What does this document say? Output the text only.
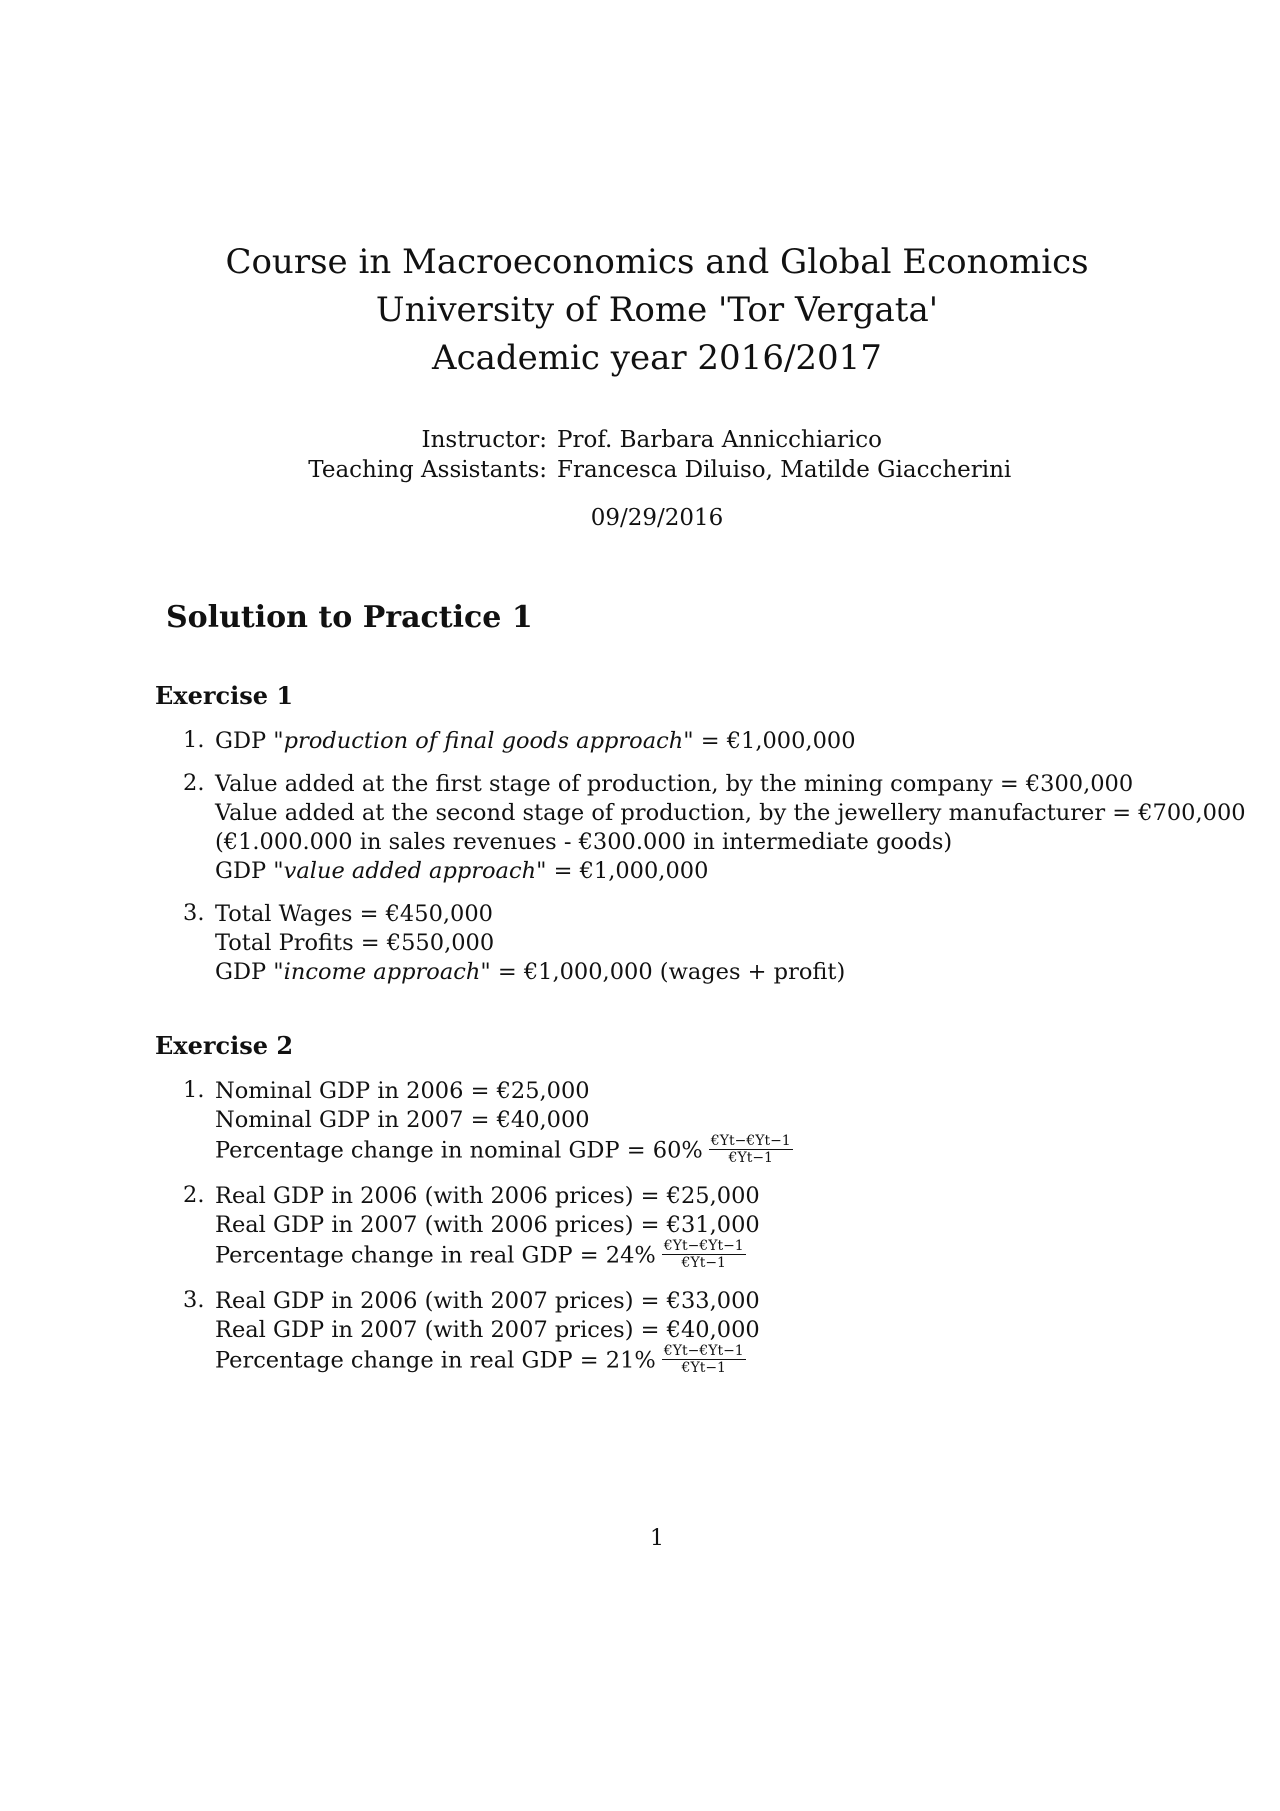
Course in Macroeconomics and Global Economics
University of Rome 'Tor Vergata'
Academic year 2016/2017
Instructor: Prof. Barbara Annicchiarico
Teaching Assistants: Francesca Diluiso, Matilde Giaccherini
09/29/2016
Solution to Practice 1
Exercise 1
1. GDP "production of final goods approach" = €1,000,000
2. Value added at the first stage of production, by the mining company = €300,000
Value added at the second stage of production, by the jewellery manufacturer = €700,000
(€1.000.000 in sales revenues - €300.000 in intermediate goods)
GDP "value added approach" = €1,000,000
3. Total Wages = €450,000
Total Profits = €550,000
GDP "income approach" = €1,000,000 (wages + profit)
Exercise 2
1. Nominal GDP in 2006 = €25,000
Nominal GDP in 2007 = €40,000
Percentage change in nominal GDP = $60\% \frac{€Yt-€Yt-1}{€Yt-1}$
2. Real GDP in 2006 (with 2006 prices) = €25,000
Real GDP in 2007 (with 2006 prices) = €31,000
Percentage change in real GDP = $24\% \frac{€Yt-€Yt-1}{€Yt-1}$
3. Real GDP in 2006 (with 2007 prices) = €33,000
Real GDP in 2007 (with 2007 prices) = €40,000
Percentage change in real GDP = $21\% \frac{€Yt-€Yt-1}{€Yt-1}$
1
